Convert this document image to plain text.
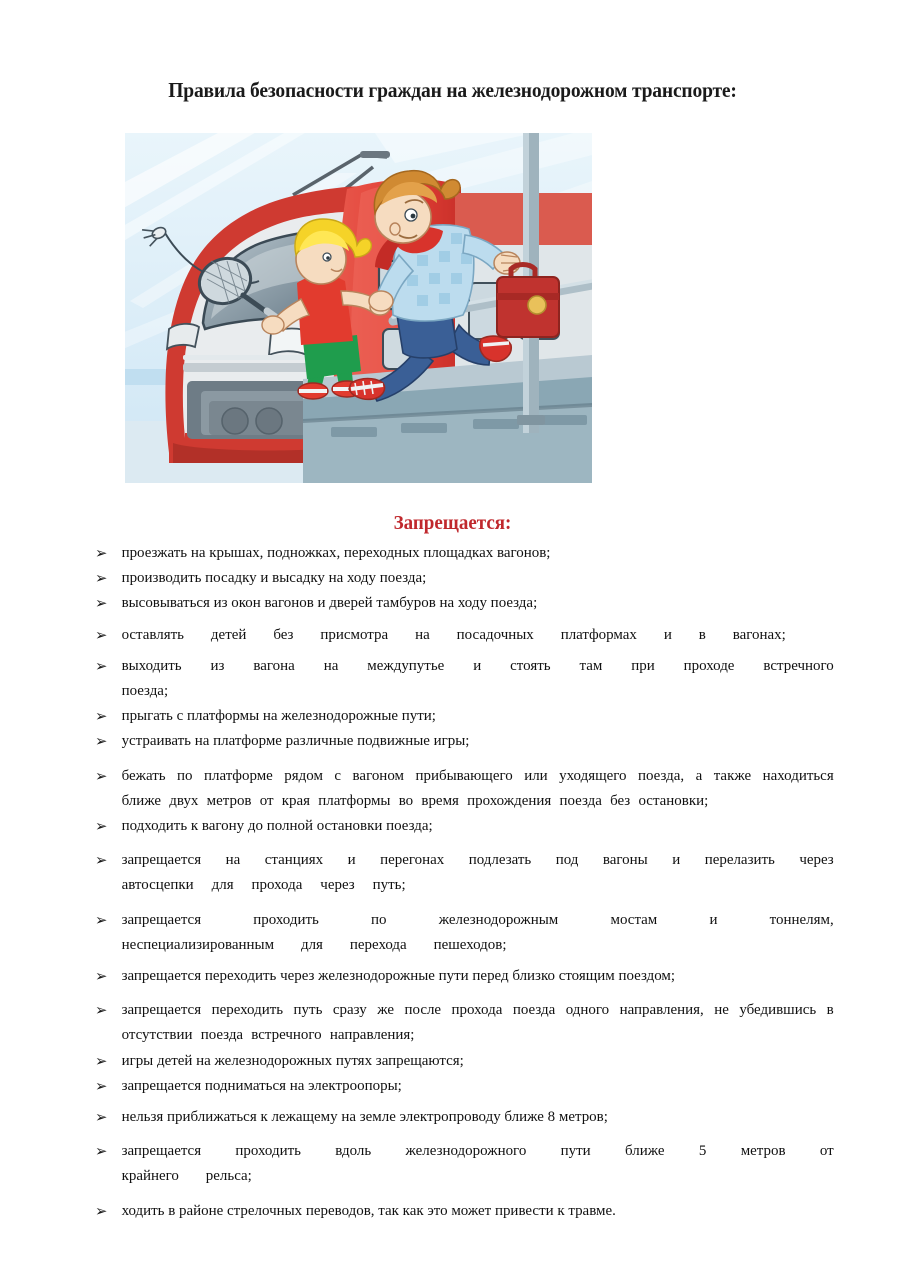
Правила безопасности граждан на железнодорожном транспорте:
Запрещается:
➢ проезжать на крышах, подножках, переходных площадках вагонов;
➢ производить посадку и высадку на ходу поезда;
➢ высовываться из окон вагонов и дверей тамбуров на ходу поезда;
➢ оставлять детей без присмотра на посадочных платформах и в вагонах;
➢ выходить из вагона на междупутье и стоять там при проходе встречного поезда;
➢ прыгать с платформы на железнодорожные пути;
➢ устраивать на платформе различные подвижные игры;
➢ бежать по платформе рядом с вагоном прибывающего или уходящего поезда, а также находиться ближе двух метров от края платформы во время прохождения поезда без остановки;
➢ подходить к вагону до полной остановки поезда;
➢ запрещается на станциях и перегонах подлезать под вагоны и перелазить через автосцепки для прохода через путь;
➢ запрещается проходить по железнодорожным мостам и тоннелям, неспециализированным для перехода пешеходов;
➢ запрещается переходить через железнодорожные пути перед близко стоящим поездом;
➢ запрещается переходить путь сразу же после прохода поезда одного направления, не убедившись в отсутствии поезда встречного направления;
➢ игры детей на железнодорожных путях запрещаются;
➢ запрещается подниматься на электроопоры;
➢ нельзя приближаться к лежащему на земле электропроводу ближе 8 метров;
➢ запрещается проходить вдоль железнодорожного пути ближе 5 метров от крайнего рельса;
➢ ходить в районе стрелочных переводов, так как это может привести к травме.
